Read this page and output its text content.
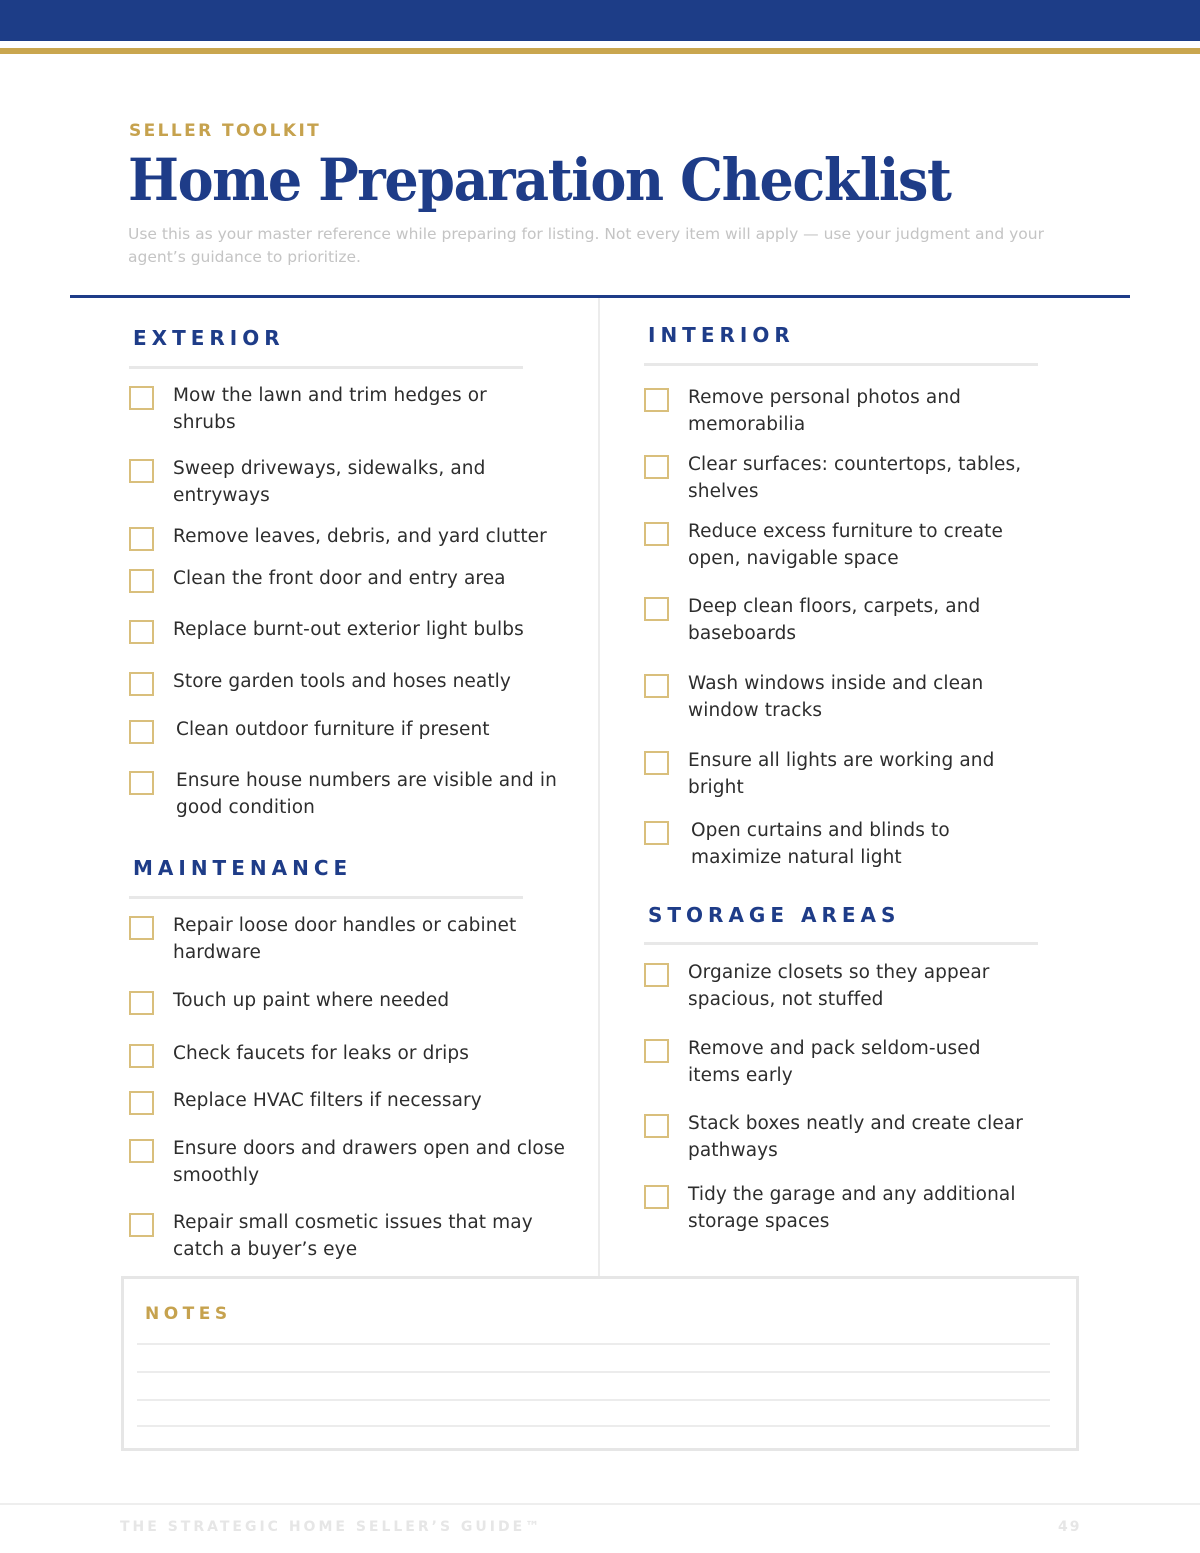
SELLER TOOLKIT
Home Preparation Checklist

Use this as your master reference while preparing for listing. Not every item will apply — use your judgment and your agent’s guidance to prioritize.

EXTERIOR
Mow the lawn and trim hedges or shrubs
Sweep driveways, sidewalks, and entryways
Remove leaves, debris, and yard clutter
Clean the front door and entry area
Replace burnt-out exterior light bulbs
Store garden tools and hoses neatly
Clean outdoor furniture if present
Ensure house numbers are visible and in good condition
MAINTENANCE
Repair loose door handles or cabinet hardware
Touch up paint where needed
Check faucets for leaks or drips
Replace HVAC filters if necessary
Ensure doors and drawers open and close smoothly
Repair small cosmetic issues that may catch a buyer’s eye
INTERIOR
Remove personal photos and memorabilia
Clear surfaces: countertops, tables, shelves
Reduce excess furniture to create open, navigable space
Deep clean floors, carpets, and baseboards
Wash windows inside and clean window tracks
Ensure all lights are working and bright
Open curtains and blinds to maximize natural light
STORAGE AREAS
Organize closets so they appear spacious, not stuffed
Remove and pack seldom-used items early
Stack boxes neatly and create clear pathways
Tidy the garage and any additional storage spaces
NOTES
THE STRATEGIC HOME SELLER’S GUIDE™	49
